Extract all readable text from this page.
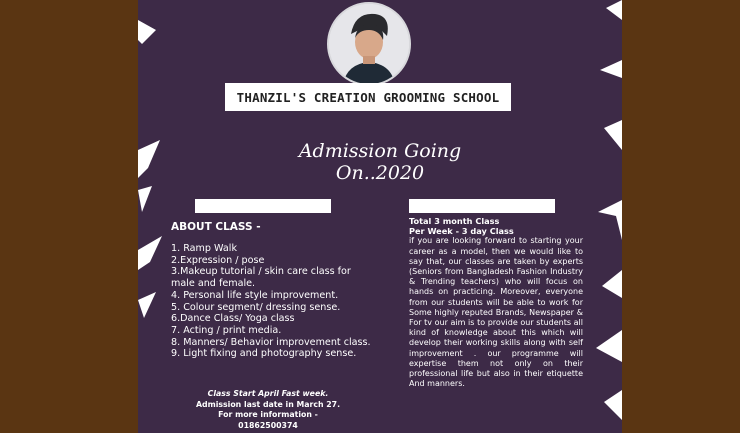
THANZIL'S CREATION GROOMING SCHOOL
Admission Going
On..2020
ABOUT CLASS -
1. Ramp Walk
2.Expression / pose
3.Makeup tutorial / skin care class for male and female.
4. Personal life style improvement.
5. Colour segment/ dressing sense.
6.Dance Class/ Yoga class
7. Acting / print media.
8. Manners/ Behavior improvement class.
9. Light fixing and photography sense.
Class Start April Fast week.
Admission last date in March 27.
For more information -
01862500374
Total 3 month Class
Per Week - 3 day Class

if you are looking forward to starting your career as a model, then we would like to say that, our classes are taken by experts (Seniors from Bangladesh Fashion Industry & Trending teachers) who will focus on hands on practicing. Moreover, everyone from our students will be able to work for Some highly reputed Brands, Newspaper & For tv our aim is to provide our students all kind of knowledge about this which will develop their working skills along with self improvement . our programme will expertise them not only on their professional life but also in their etiquette And manners.
